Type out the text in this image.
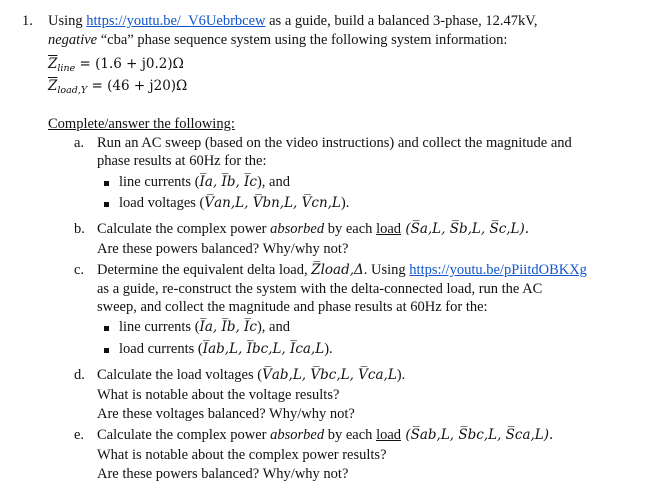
1. Using https://youtu.be/_V6Uebrbcew as a guide, build a balanced 3-phase, 12.47kV,
negative “cba” phase sequence system using the following system information:
$\overline{Z}_{line} = (1.6 + j0.2)\Omega$
$\overline{Z}_{load,Y} = (46 + j20)\Omega$
Complete/answer the following:
a. Run an AC sweep (based on the video instructions) and collect the magnitude and
phase results at 60Hz for the:
line currents (I̅a, I̅b, I̅c), and
load voltages (V̅an,L, V̅bn,L, V̅cn,L).
b. Calculate the complex power absorbed by each load (S̅a,L, S̅b,L, S̅c,L).
Are these powers balanced? Why/why not?
c. Determine the equivalent delta load, Z̅load,Δ. Using https://youtu.be/pPiitdOBKXg
as a guide, re-construct the system with the delta-connected load, run the AC
sweep, and collect the magnitude and phase results at 60Hz for the:
line currents (I̅a, I̅b, I̅c), and
load currents (I̅ab,L, I̅bc,L, I̅ca,L).
d. Calculate the load voltages (V̅ab,L, V̅bc,L, V̅ca,L).
What is notable about the voltage results?
Are these voltages balanced? Why/why not?
e. Calculate the complex power absorbed by each load (S̅ab,L, S̅bc,L, S̅ca,L).
What is notable about the complex power results?
Are these powers balanced? Why/why not?
